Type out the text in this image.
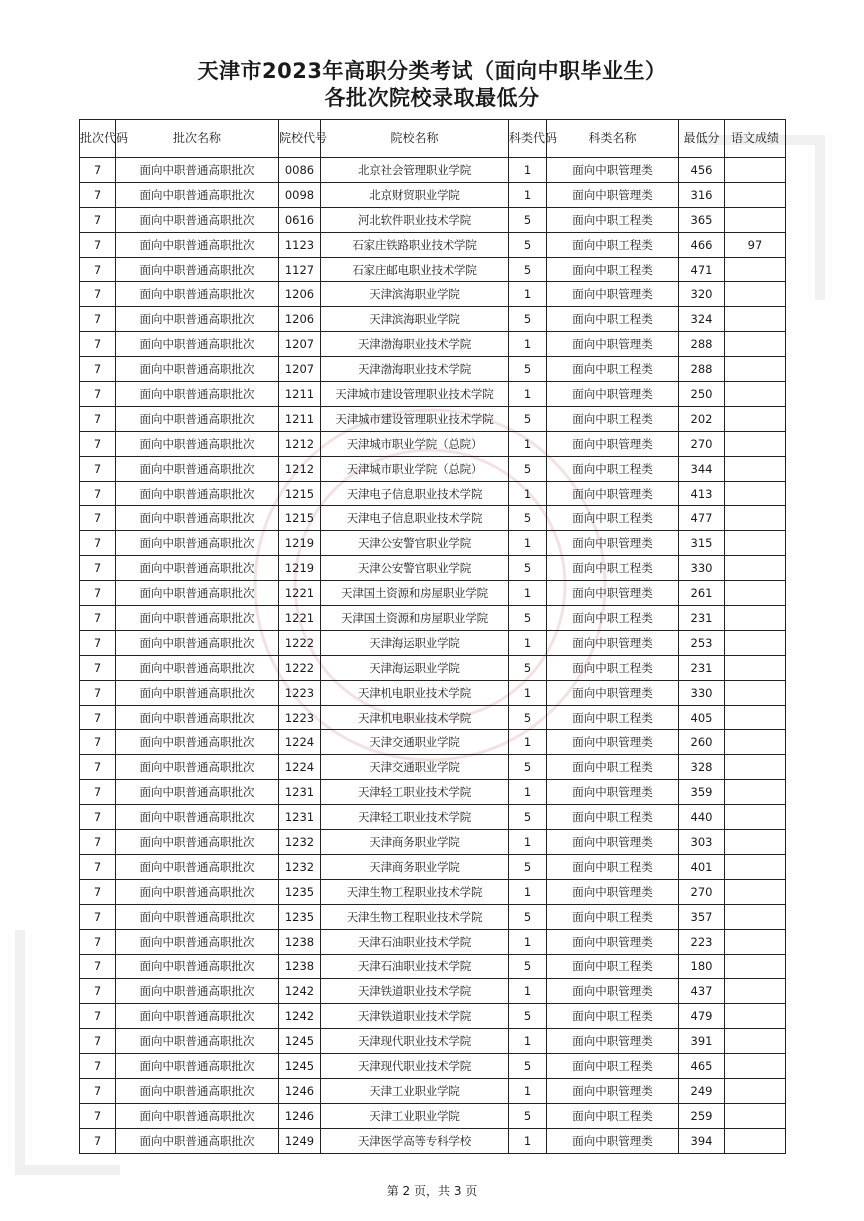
天津市2023年高职分类考试（面向中职毕业生）
各批次院校录取最低分
批次代码	批次名称	院校代号	院校名称	科类代码	科类名称	最低分	语文成绩
7	面向中职普通高职批次	0086	北京社会管理职业学院	1	面向中职管理类	456	
7	面向中职普通高职批次	0098	北京财贸职业学院	1	面向中职管理类	316	
7	面向中职普通高职批次	0616	河北软件职业技术学院	5	面向中职工程类	365	
7	面向中职普通高职批次	1123	石家庄铁路职业技术学院	5	面向中职工程类	466	97
7	面向中职普通高职批次	1127	石家庄邮电职业技术学院	5	面向中职工程类	471	
7	面向中职普通高职批次	1206	天津滨海职业学院	1	面向中职管理类	320	
7	面向中职普通高职批次	1206	天津滨海职业学院	5	面向中职工程类	324	
7	面向中职普通高职批次	1207	天津渤海职业技术学院	1	面向中职管理类	288	
7	面向中职普通高职批次	1207	天津渤海职业技术学院	5	面向中职工程类	288	
7	面向中职普通高职批次	1211	天津城市建设管理职业技术学院	1	面向中职管理类	250	
7	面向中职普通高职批次	1211	天津城市建设管理职业技术学院	5	面向中职工程类	202	
7	面向中职普通高职批次	1212	天津城市职业学院（总院）	1	面向中职管理类	270	
7	面向中职普通高职批次	1212	天津城市职业学院（总院）	5	面向中职工程类	344	
7	面向中职普通高职批次	1215	天津电子信息职业技术学院	1	面向中职管理类	413	
7	面向中职普通高职批次	1215	天津电子信息职业技术学院	5	面向中职工程类	477	
7	面向中职普通高职批次	1219	天津公安警官职业学院	1	面向中职管理类	315	
7	面向中职普通高职批次	1219	天津公安警官职业学院	5	面向中职工程类	330	
7	面向中职普通高职批次	1221	天津国土资源和房屋职业学院	1	面向中职管理类	261	
7	面向中职普通高职批次	1221	天津国土资源和房屋职业学院	5	面向中职工程类	231	
7	面向中职普通高职批次	1222	天津海运职业学院	1	面向中职管理类	253	
7	面向中职普通高职批次	1222	天津海运职业学院	5	面向中职工程类	231	
7	面向中职普通高职批次	1223	天津机电职业技术学院	1	面向中职管理类	330	
7	面向中职普通高职批次	1223	天津机电职业技术学院	5	面向中职工程类	405	
7	面向中职普通高职批次	1224	天津交通职业学院	1	面向中职管理类	260	
7	面向中职普通高职批次	1224	天津交通职业学院	5	面向中职工程类	328	
7	面向中职普通高职批次	1231	天津轻工职业技术学院	1	面向中职管理类	359	
7	面向中职普通高职批次	1231	天津轻工职业技术学院	5	面向中职工程类	440	
7	面向中职普通高职批次	1232	天津商务职业学院	1	面向中职管理类	303	
7	面向中职普通高职批次	1232	天津商务职业学院	5	面向中职工程类	401	
7	面向中职普通高职批次	1235	天津生物工程职业技术学院	1	面向中职管理类	270	
7	面向中职普通高职批次	1235	天津生物工程职业技术学院	5	面向中职工程类	357	
7	面向中职普通高职批次	1238	天津石油职业技术学院	1	面向中职管理类	223	
7	面向中职普通高职批次	1238	天津石油职业技术学院	5	面向中职工程类	180	
7	面向中职普通高职批次	1242	天津铁道职业技术学院	1	面向中职管理类	437	
7	面向中职普通高职批次	1242	天津铁道职业技术学院	5	面向中职工程类	479	
7	面向中职普通高职批次	1245	天津现代职业技术学院	1	面向中职管理类	391	
7	面向中职普通高职批次	1245	天津现代职业技术学院	5	面向中职工程类	465	
7	面向中职普通高职批次	1246	天津工业职业学院	1	面向中职管理类	249	
7	面向中职普通高职批次	1246	天津工业职业学院	5	面向中职工程类	259	
7	面向中职普通高职批次	1249	天津医学高等专科学校	1	面向中职管理类	394	
第 2 页，共 3 页
